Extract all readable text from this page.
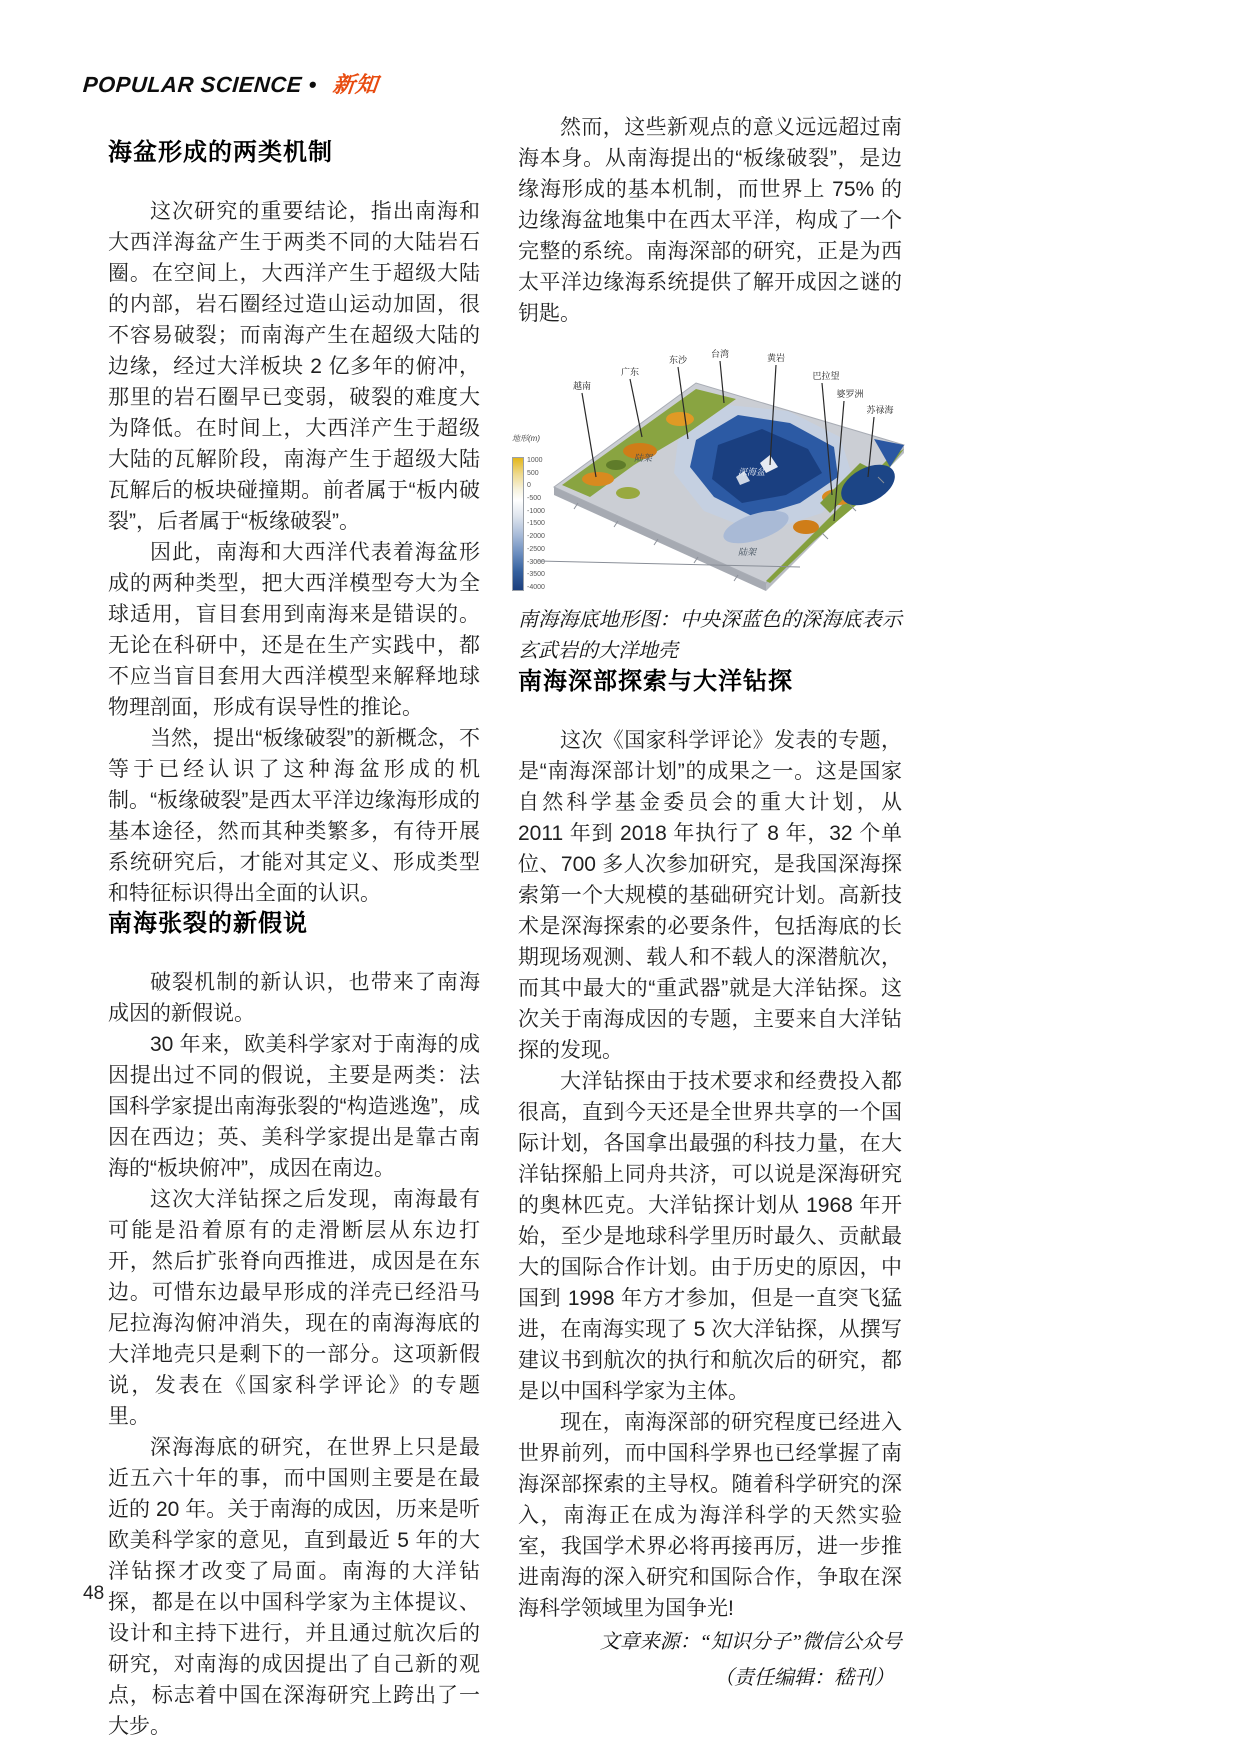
POPULAR SCIENCE • 新知
海盆形成的两类机制

这次研究的重要结论，指出南海和大西洋海盆产生于两类不同的大陆岩石圈。在空间上，大西洋产生于超级大陆的内部，岩石圈经过造山运动加固，很不容易破裂；而南海产生在超级大陆的边缘，经过大洋板块 2 亿多年的俯冲，那里的岩石圈早已变弱，破裂的难度大为降低。在时间上，大西洋产生于超级大陆的瓦解阶段，南海产生于超级大陆瓦解后的板块碰撞期。前者属于“板内破裂”，后者属于“板缘破裂”。

因此，南海和大西洋代表着海盆形成的两种类型，把大西洋模型夸大为全球适用，盲目套用到南海来是错误的。无论在科研中，还是在生产实践中，都不应当盲目套用大西洋模型来解释地球物理剖面，形成有误导性的推论。

当然，提出“板缘破裂”的新概念，不等于已经认识了这种海盆形成的机制。“板缘破裂”是西太平洋边缘海形成的基本途径，然而其种类繁多，有待开展系统研究后，才能对其定义、形成类型和特征标识得出全面的认识。

南海张裂的新假说

破裂机制的新认识，也带来了南海成因的新假说。

30 年来，欧美科学家对于南海的成因提出过不同的假说，主要是两类：法国科学家提出南海张裂的“构造逃逸”，成因在西边；英、美科学家提出是靠古南海的“板块俯冲”，成因在南边。

这次大洋钻探之后发现，南海最有可能是沿着原有的走滑断层从东边打开，然后扩张脊向西推进，成因是在东边。可惜东边最早形成的洋壳已经沿马尼拉海沟俯冲消失，现在的南海海底的大洋地壳只是剩下的一部分。这项新假说，发表在《国家科学评论》的专题里。

深海海底的研究，在世界上只是最近五六十年的事，而中国则主要是在最近的 20 年。关于南海的成因，历来是听欧美科学家的意见，直到最近 5 年的大洋钻探才改变了局面。南海的大洋钻探，都是在以中国科学家为主体提议、设计和主持下进行，并且通过航次后的研究，对南海的成因提出了自己新的观点，标志着中国在深海研究上跨出了一大步。

然而，这些新观点的意义远远超过南海本身。从南海提出的“板缘破裂”，是边缘海形成的基本机制，而世界上 75% 的边缘海盆地集中在西太平洋，构成了一个完整的系统。南海深部的研究，正是为西太平洋边缘海系统提供了解开成因之谜的钥匙。

地形(m)
1000
500
0
-500
-1000
-1500
-2000
-2500
-3000
-3500
-4000
越南
广东
东沙
台湾	黄岩
巴拉望
婆罗洲
苏禄海
陆架
深海盆
陆架

南海海底地形图：中央深蓝色的深海底表示玄武岩的大洋地壳

南海深部探索与大洋钻探

这次《国家科学评论》发表的专题，是“南海深部计划”的成果之一。这是国家自然科学基金委员会的重大计划，从 2011 年到 2018 年执行了 8 年，32 个单位、700 多人次参加研究，是我国深海探索第一个大规模的基础研究计划。高新技术是深海探索的必要条件，包括海底的长期现场观测、载人和不载人的深潜航次，而其中最大的“重武器”就是大洋钻探。这次关于南海成因的专题，主要来自大洋钻探的发现。

大洋钻探由于技术要求和经费投入都很高，直到今天还是全世界共享的一个国际计划，各国拿出最强的科技力量，在大洋钻探船上同舟共济，可以说是深海研究的奥林匹克。大洋钻探计划从 1968 年开始，至少是地球科学里历时最久、贡献最大的国际合作计划。由于历史的原因，中国到 1998 年方才参加，但是一直突飞猛进，在南海实现了 5 次大洋钻探，从撰写建议书到航次的执行和航次后的研究，都是以中国科学家为主体。

现在，南海深部的研究程度已经进入世界前列，而中国科学界也已经掌握了南海深部探索的主导权。随着科学研究的深入，南海正在成为海洋科学的天然实验室，我国学术界必将再接再厉，进一步推进南海的深入研究和国际合作，争取在深海科学领域里为国争光!

文章来源：“知识分子”微信公众号

（责任编辑：嵇刊）

48
